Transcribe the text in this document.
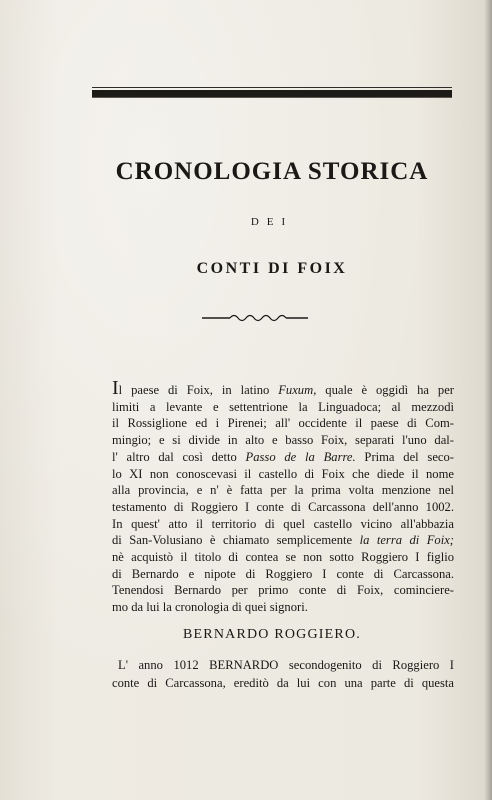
CRONOLOGIA STORICA
DEI
CONTI DI FOIX
Il paese di Foix, in latino Fuxum, quale è oggidì ha per
limiti a levante e settentrione la Linguadoca; al mezzodì
il Rossiglione ed i Pirenei; all' occidente il paese di Com-
mingio; e si divide in alto e basso Foix, separati l'uno dal-
l' altro dal così detto Passo de la Barre. Prima del seco-
lo XI non conoscevasi il castello di Foix che diede il nome
alla provincia, e n' è fatta per la prima volta menzione nel
testamento di Roggiero I conte di Carcassona dell'anno 1002.
In quest' atto il territorio di quel castello vicino all'abbazia
di San-Volusiano è chiamato semplicemente la terra di Foix;
nè acquistò il titolo di contea se non sotto Roggiero I figlio
di Bernardo e nipote di Roggiero I conte di Carcassona.
Tenendosi Bernardo per primo conte di Foix, cominciere-
mo da lui la cronologia di quei signori.
BERNARDO ROGGIERO.
L' anno 1012 BERNARDO secondogenito di Roggiero I
conte di Carcassona, ereditò da lui con una parte di questa
